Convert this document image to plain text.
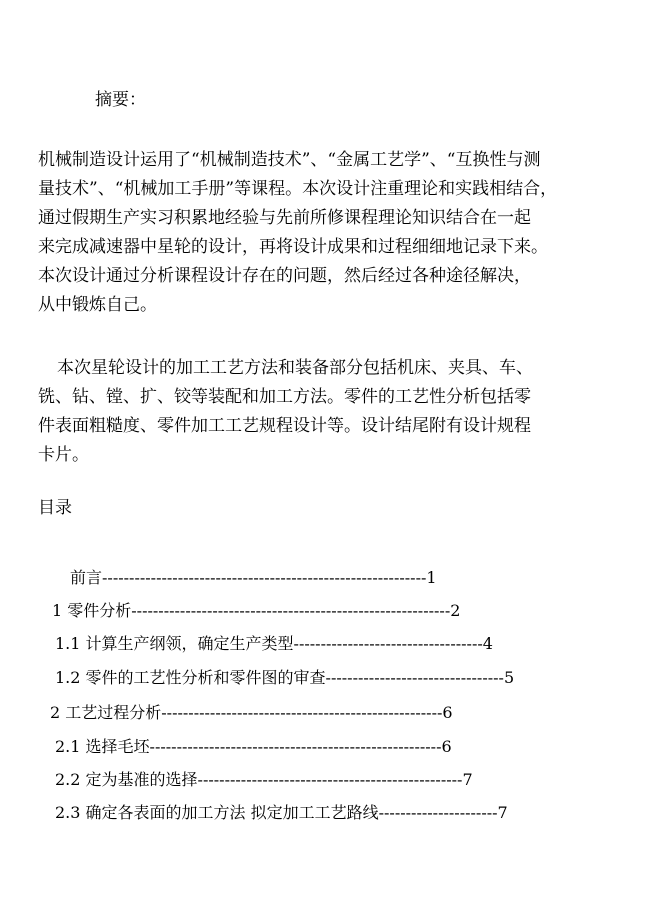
摘要：
机械制造设计运用了“机械制造技术”、“金属工艺学”、“互换性与测
量技术”、“机械加工手册”等课程。本次设计注重理论和实践相结合，
通过假期生产实习积累地经验与先前所修课程理论知识结合在一起
来完成减速器中星轮的设计，再将设计成果和过程细细地记录下来。
本次设计通过分析课程设计存在的问题，然后经过各种途径解决，
从中锻炼自己。
本次星轮设计的加工工艺方法和装备部分包括机床、夹具、车、
铣、钻、镗、扩、铰等装配和加工方法。零件的工艺性分析包括零
件表面粗糙度、零件加工工艺规程设计等。设计结尾附有设计规程
卡片。
目录
前言------------------------------------------------------------1
1 零件分析-----------------------------------------------------------2
1.1 计算生产纲领，确定生产类型-----------------------------------4
1.2 零件的工艺性分析和零件图的审查---------------------------------5
2 工艺过程分析----------------------------------------------------6
2.1 选择毛坯------------------------------------------------------6
2.2 定为基准的选择-------------------------------------------------7
2.3 确定各表面的加工方法 拟定加工工艺路线----------------------7
